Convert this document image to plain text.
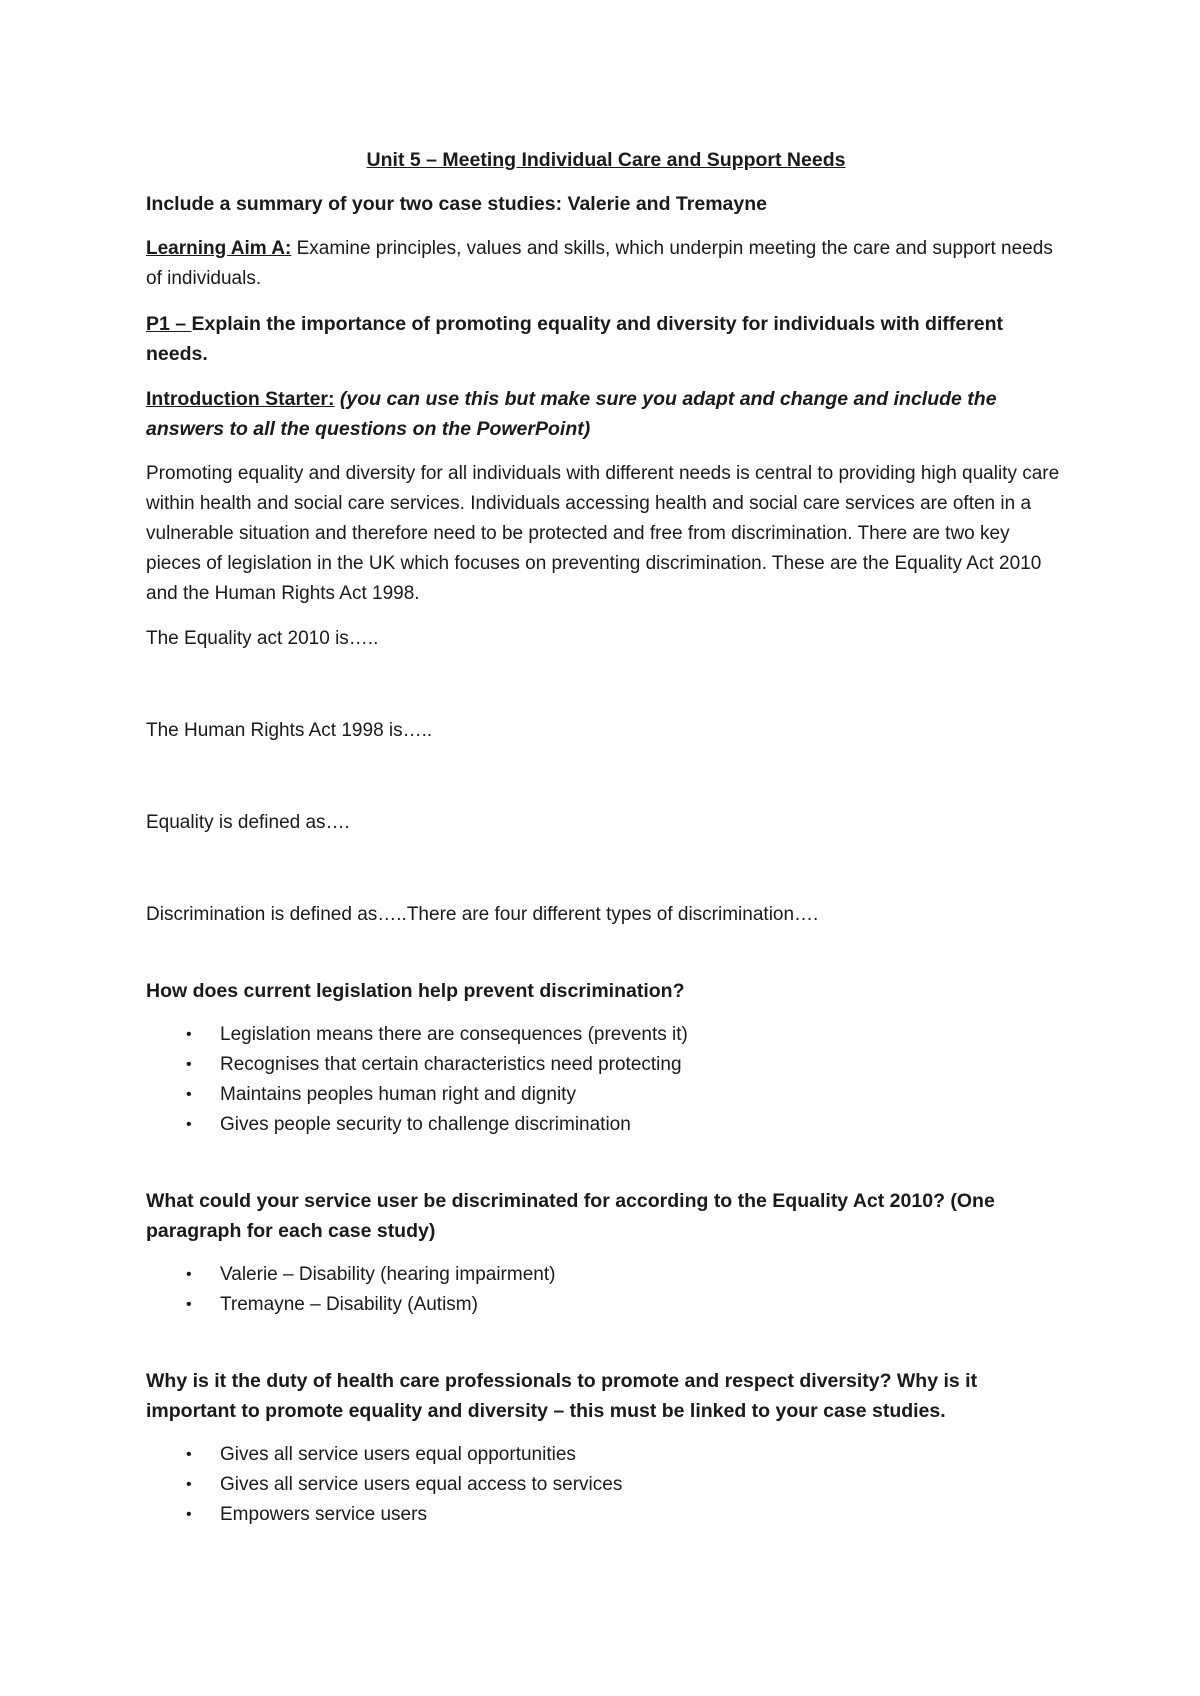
Unit 5 – Meeting Individual Care and Support Needs

Include a summary of your two case studies: Valerie and Tremayne

Learning Aim A: Examine principles, values and skills, which underpin meeting the care and support needs of individuals.

P1 – Explain the importance of promoting equality and diversity for individuals with different needs.

Introduction Starter: (you can use this but make sure you adapt and change and include the answers to all the questions on the PowerPoint)

Promoting equality and diversity for all individuals with different needs is central to providing high quality care within health and social care services. Individuals accessing health and social care services are often in a vulnerable situation and therefore need to be protected and free from discrimination. There are two key pieces of legislation in the UK which focuses on preventing discrimination. These are the Equality Act 2010 and the Human Rights Act 1998.

The Equality act 2010 is…..

The Human Rights Act 1998 is…..

Equality is defined as….

Discrimination is defined as…..There are four different types of discrimination….

How does current legislation help prevent discrimination?

• Legislation means there are consequences (prevents it)
• Recognises that certain characteristics need protecting
• Maintains peoples human right and dignity
• Gives people security to challenge discrimination

What could your service user be discriminated for according to the Equality Act 2010? (One paragraph for each case study)

• Valerie – Disability (hearing impairment)
• Tremayne – Disability (Autism)

Why is it the duty of health care professionals to promote and respect diversity? Why is it important to promote equality and diversity – this must be linked to your case studies.

• Gives all service users equal opportunities
• Gives all service users equal access to services
• Empowers service users
